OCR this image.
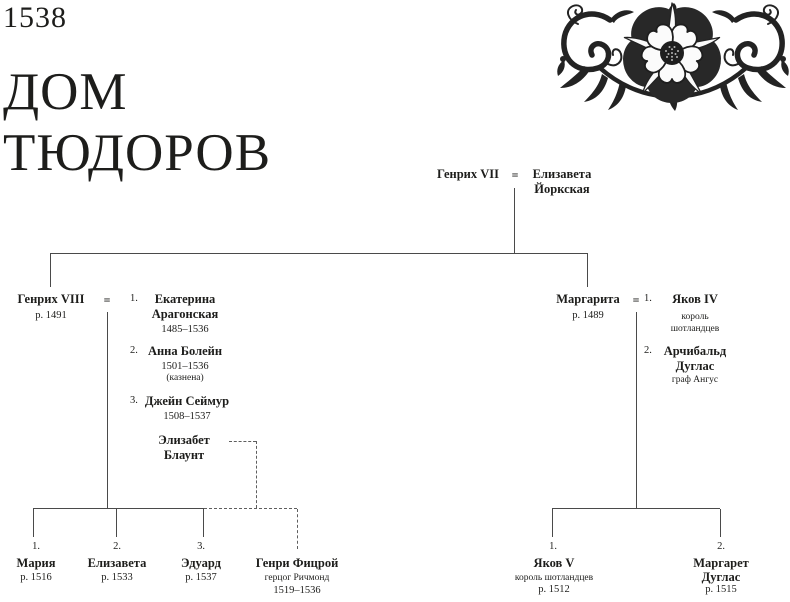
1538
ДОМ
ТЮДОРОВ	Генрих VII = Елизавета
Йоркская
Генрих VIII
р. 1491
= 1. Екатерина
Арагонская
1485–1536
2. Анна Болейн
1501–1536
(казнена)
3. Джейн Сеймур
1508–1537
Элизабет
Блаунт
1.
Мария
р. 1516
2.
Елизавета
р. 1533
3.
Эдуард
р. 1537
Генри Фицрой
герцог Ричмонд
1519–1536
Маргарита
р. 1489
= 1. Яков IV
король
шотландцев
2. Арчибальд
Дуглас
граф Ангус
1.
Яков V
король шотландцев
р. 1512
2.
Маргарет
Дуглас
р. 1515
